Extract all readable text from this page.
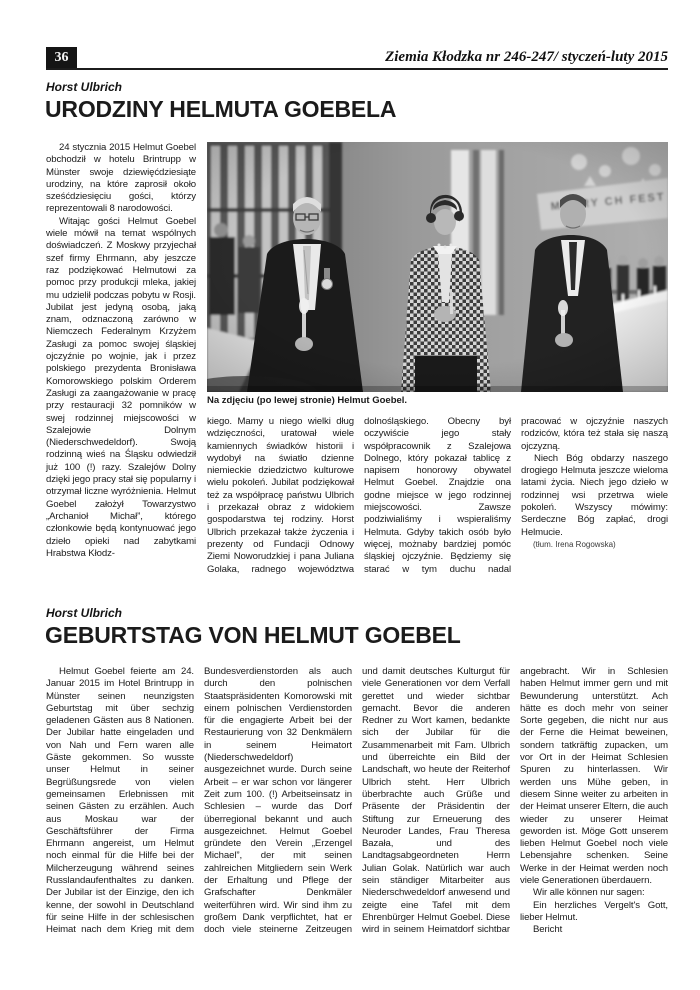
36	Ziemia Kłodzka nr 246-247/ styczeń-luty 2015
Horst Ulbrich
URODZINY HELMUTA GOEBELA

24 stycznia 2015 Helmut Goebel obchodził w hotelu Brintrupp w Münster swoje dziewięćdziesiąte urodziny, na które zaprosił około sześćdziesięciu gości, którzy reprezentowali 8 narodowości.

Witając gości Helmut Goebel wiele mówił na temat wspólnych doświadczeń. Z Moskwy przyjechał szef firmy Ehrmann, aby jeszcze raz podziękować Helmutowi za pomoc przy produkcji mleka, jakiej mu udzielił podczas pobytu w Rosji. Jubilat jest jedyną osobą, jaką znam, odznaczoną zarówno w Niemczech Federalnym Krzyżem Zasługi za pomoc swojej śląskiej ojczyźnie po wojnie, jak i przez polskiego prezydenta Bronisława Komorowskiego polskim Orderem Zasługi za zaangażowanie w pracę przy restauracji 32 pomników w swej rodzinnej miejscowości w Szalejowie Dolnym (Niederschwedeldorf). Swoją rodzinną wieś na Śląsku odwiedził już 100 (!) razy. Szalejów Dolny dzięki jego pracy stał się popularny i otrzymał liczne wyróżnienia. Helmut Goebel założył Towarzystwo „Archanioł Michał”, którego członkowie będą kontynuować jego dzieło opieki nad zabytkami Hrabstwa Kłodz-

Na zdjęciu (po lewej stronie) Helmut Goebel.

kiego. Mamy u niego wielki dług wdzięczności, uratował wiele kamiennych świadków historii i wydobył na światło dzienne niemieckie dziedzictwo kulturowe wielu pokoleń. Jubilat podziękował też za współpracę państwu Ulbrich i przekazał obraz z widokiem gospodarstwa tej rodziny. Horst Ulbrich przekazał także życzenia i prezenty od Fundacji Odnowy Ziemi Noworudzkiej i pana Juliana Golaka, radnego województwa dolnośląskiego. Obecny był oczywiście jego stały współpracownik z Szalejowa Dolnego, który pokazał tablicę z napisem honorowy obywatel Helmut Goebel. Znajdzie ona godne miejsce w jego rodzinnej miejscowości. Zawsze podziwialiśmy i wspieraliśmy Helmuta. Gdyby takich osób było więcej, możnaby bardziej pomóc śląskiej ojczyźnie. Będziemy się starać w tym duchu nadal pracować w ojczyźnie naszych rodziców, która też stała się naszą ojczyzną.

Niech Bóg obdarzy naszego drogiego Helmuta jeszcze wieloma latami życia. Niech jego dzieło w rodzinnej wsi przetrwa wiele pokoleń. Wszyscy mówimy: Serdeczne Bóg zapłać, drogi Helmucie.

(tłum. Irena Rogowska)

Horst Ulbrich
GEBURTSTAG VON HELMUT GOEBEL

Helmut Goebel feierte am 24. Januar 2015 im Hotel Brintrupp in Münster seinen neunzigsten Geburtstag mit über sechzig geladenen Gästen aus 8 Nationen. Der Jubilar hatte eingeladen und von Nah und Fern waren alle Gäste gekommen. So wusste unser Helmut in seiner Begrüßungsrede von vielen gemeinsamen Erlebnissen mit seinen Gästen zu erzählen. Auch aus Moskau war der Geschäftsführer der Firma Ehrmann angereist, um Helmut noch einmal für die Hilfe bei der Milcherzeugung während seines Russlandaufenthaltes zu danken. Der Jubilar ist der Einzige, den ich kenne, der sowohl in Deutschland für seine Hilfe in der schlesischen Heimat nach dem Krieg mit dem Bundesverdienstorden als auch durch den polnischen Staatspräsidenten Komorowski mit einem polnischen Verdienstorden für die engagierte Arbeit bei der Restaurierung von 32 Denkmälern in seinem Heimatort (Niederschwedeldorf) ausgezeichnet wurde. Durch seine Arbeit – er war schon vor längerer Zeit zum 100. (!) Arbeitseinsatz in Schlesien – wurde das Dorf überregional bekannt und auch ausgezeichnet. Helmut Goebel gründete den Verein „Erzengel Michael”, der mit seinen zahlreichen Mitgliedern sein Werk der Erhaltung und Pflege der Grafschafter Denkmäler weiterführen wird. Wir sind ihm zu großem Dank verpflichtet, hat er doch viele steinerne Zeitzeugen und damit deutsches Kulturgut für viele Generationen vor dem Verfall gerettet und wieder sichtbar gemacht. Bevor die anderen Redner zu Wort kamen, bedankte sich der Jubilar für die Zusammenarbeit mit Fam. Ulbrich und überreichte ein Bild der Landschaft, wo heute der Reiterhof Ulbrich steht. Herr Ulbrich überbrachte auch Grüße und Präsente der Präsidentin der Stiftung zur Erneuerung des Neuroder Landes, Frau Theresa Bazała, und des Landtagsabgeordneten Herrn Julian Golak. Natürlich war auch sein ständiger Mitarbeiter aus Niederschwedeldorf anwesend und zeigte eine Tafel mit dem Ehrenbürger Helmut Goebel. Diese wird in seinem Heimatdorf sichtbar angebracht. Wir in Schlesien haben Helmut immer gern und mit Bewunderung unterstützt. Ach hätte es doch mehr von seiner Sorte gegeben, die nicht nur aus der Ferne die Heimat beweinen, sondern tatkräftig zupacken, um vor Ort in der Heimat Schlesien Spuren zu hinterlassen. Wir werden uns Mühe geben, in diesem Sinne weiter zu arbeiten in der Heimat unserer Eltern, die auch wieder zu unserer Heimat geworden ist. Möge Gott unserem lieben Helmut Goebel noch viele Lebensjahre schenken. Seine Werke in der Heimat werden noch viele Generationen überdauern.

Wir alle können nur sagen:

Ein herzliches Vergelt's Gott, lieber Helmut.

Bericht
